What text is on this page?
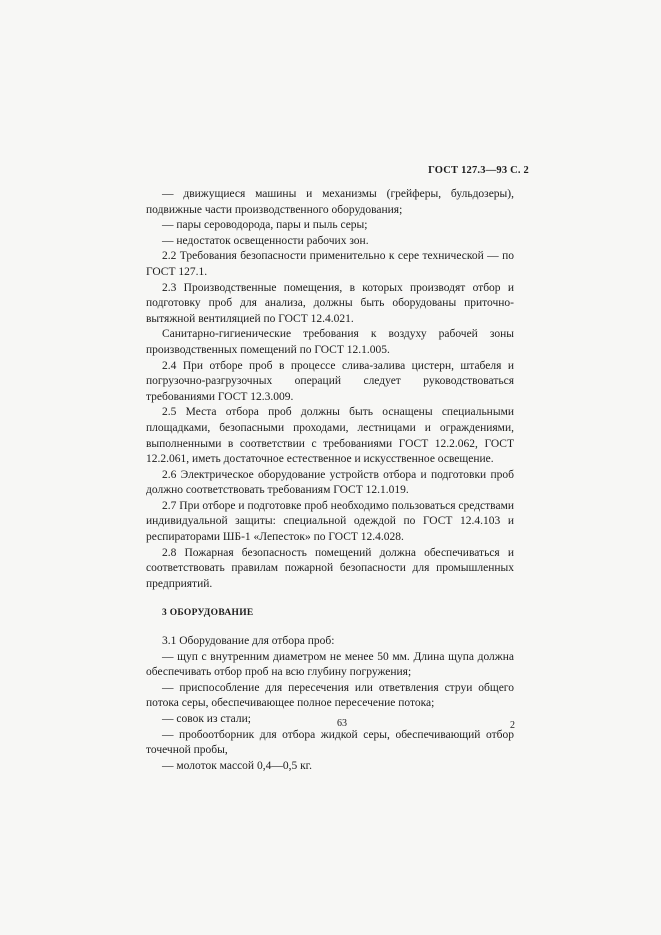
ГОСТ 127.3—93 С. 2

— движущиеся машины и механизмы (грейферы, бульдозеры), подвижные части производственного оборудования;

— пары сероводорода, пары и пыль серы;

— недостаток освещенности рабочих зон.

2.2 Требования безопасности применительно к сере технической — по ГОСТ 127.1.

2.3 Производственные помещения, в которых производят отбор и подготовку проб для анализа, должны быть оборудованы приточно-вытяжной вентиляцией по ГОСТ 12.4.021.

Санитарно-гигиенические требования к воздуху рабочей зоны производственных помещений по ГОСТ 12.1.005.

2.4 При отборе проб в процессе слива-залива цистерн, штабеля и погрузочно-разгрузочных операций следует руководствоваться требованиями ГОСТ 12.3.009.

2.5 Места отбора проб должны быть оснащены специальными площадками, безопасными проходами, лестницами и ограждениями, выполненными в соответствии с требованиями ГОСТ 12.2.062, ГОСТ 12.2.061, иметь достаточное естественное и искусственное освещение.

2.6 Электрическое оборудование устройств отбора и подготовки проб должно соответствовать требованиям ГОСТ 12.1.019.

2.7 При отборе и подготовке проб необходимо пользоваться средствами индивидуальной защиты: специальной одеждой по ГОСТ 12.4.103 и респираторами ШБ-1 «Лепесток» по ГОСТ 12.4.028.

2.8 Пожарная безопасность помещений должна обеспечиваться и соответствовать правилам пожарной безопасности для промышленных предприятий.

3 ОБОРУДОВАНИЕ

3.1 Оборудование для отбора проб:

— щуп с внутренним диаметром не менее 50 мм. Длина щупа должна обеспечивать отбор проб на всю глубину погружения;

— приспособление для пересечения или ответвления струи общего потока серы, обеспечивающее полное пересечение потока;

— совок из стали;

— пробоотборник для отбора жидкой серы, обеспечивающий отбор точечной пробы,

— молоток массой 0,4—0,5 кг.

63	2
